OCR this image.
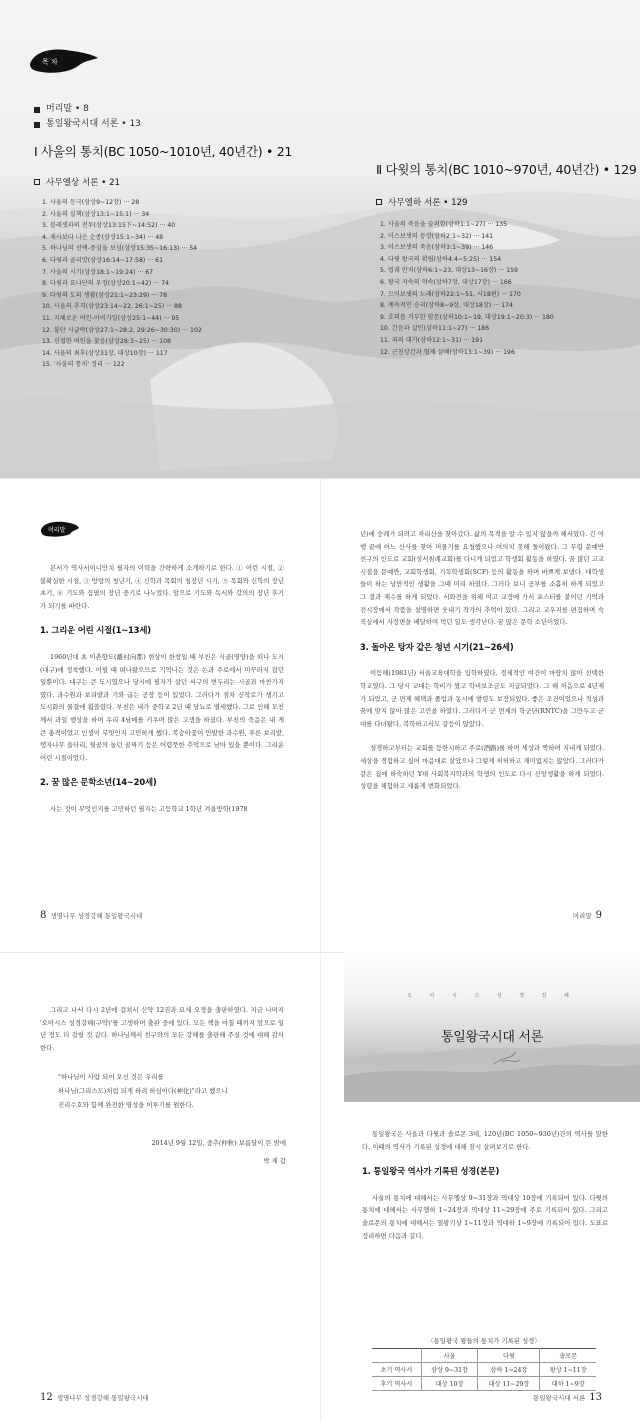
목 차
머리말 • 8
통일왕국시대 서론 • 13
Ⅰ 사울의 통치(BC 1050~1010년, 40년간) • 21
사무엘상 서론 • 21
1. 사울의 등극(삼상9~12장) ··· 28
2. 사울의 실책(삼상13:1~15:1) ··· 34
3. 블레셋과의 전투(삼상13:15下~14:52) ··· 40
4. 제사보다 나은 순종(삼상15:1~34) ··· 48
5. 하나님의 선택-중심을 보심(삼상15:35~16:13) ··· 54
6. 다윗과 골리앗(삼상16:14~17:58) ··· 61
7. 사울의 시기(삼상18:1~19:24) ··· 67
8. 다윗과 요나단의 우정(삼상20:1~42) ··· 74
9. 다윗의 도피 생활(삼상21:1~23:29) ··· 78
10. 사울의 추격(삼상23:14~22, 26:1~25) ··· 88
11. 지혜로운 여인-아비가일(삼상25:1~44) ··· 95
12. 불탄 시글락(삼상27:1~28:2, 29:26~30:30) ··· 102
13. 신접한 여인을 찾음(삼상28:3~25) ··· 108
14. 사울의 최후(삼상31장, 대상10장) ··· 117
15. '사울의 통치' 정리 ··· 122
Ⅱ 다윗의 통치(BC 1010~970년, 40년간) • 129
사무엘하 서론 • 129
1. 사울의 죽음을 슬퍼함(삼하1:1~27) ··· 135
2. 이스보셋의 등장(삼하2:1~32) ··· 141
3. 이스보셋의 죽음(삼하3:1~39) ··· 146
4. 다윗 왕국의 확립(삼하4:4~5:25) ··· 154
5. 법궤 안치(삼하6:1~23, 대상13~16장) ··· 159
6. 왕국 지속의 약속(삼하7장, 대상17장) ··· 166
7. 므비보셋의 노래(삼하22:1~51, 시18편) ··· 170
8. 계속적인 승리(삼하8~9장, 대상18장) ··· 174
9. 호의를 거부한 암몬(삼하10:1~19, 대상19:1~20:3) ··· 180
10. 간음과 살인(삼하11:1~27) ··· 186
11. 죄의 대가(삼하12:1~31) ··· 191
12. 근친상간과 형제 살해(삼하13:1~39) ··· 196
머리말

본서가 역사서이니만치 필자의 이력을 간략하게 소개하기로 한다. ① 어린 시절, ② 불확실한 시절, ③ 방랑의 청년기, ④ 신학과 목회의 청장년 시기, ⑤ 목회와 신학의 장년 초기, ⑥ 기도와 집필의 장년 중기로 나누었다. 앞으로 기도와 독서와 강의의 장년 후기가 되기를 바란다.

1. 그리운 어린 시절(1~13세)

1960년대 초 이촌향도(離村向都) 현상이 한창일 때 부친은 시골(영양)을 떠나 도시(대구)에 정착했다. 어릴 때 떠나왔으므로 기억나는 것은 논과 주로에서 미꾸라지 잡던 일뿐이다. 대구는 큰 도시였으나 당시에 필자가 살던 서구의 변두리는 시골과 마찬가지였다. 과수원과 보리밭과 기와 굽는 공장 등이 있었다. 그러다가 점차 신작로가 생기고 도시화의 물결에 휩쓸렸다. 부친은 내가 중학교 2년 때 당뇨로 별세했다. 그로 인해 모친께서 과일 행상을 하며 우리 4남매를 키우며 많은 고생을 하셨다. 부친의 죽음은 내 게 큰 충격이었고 인생이 무엇인지 고민하게 했다. 복숭아꽃이 만발한 과수원, 푸른 보리밭, 탱자나무 울타리, 뒷골의 놀던 골짜기 등은 어렴풋한 추억으로 남아 있을 뿐이다. 그리운 어린 시절이었다.

2. 꿈 많은 문학소년(14~20세)

사는 것이 무엇인지를 고민하던 필자는 고등학교 1학년 겨울방학(1978

8 생명나무 성경강해 통일왕국시대

년)에 숭례가 되려고 차리산을 찾아갔다. 삶의 목적을 알 수 있지 않을까 해서였다. 긴 여행 끝에 어느 산사를 찾아 머물기를 요청했으나 여의치 못해 돌아왔다. 그 무렵 문예반 친구의 인도로 교회(성서침례교회)를 다니게 되었고 학생회 활동을 하였다. 꿈 많던 고교 시절을 문예반, 교회학생회, 기독학생회(SCF) 등의 활동을 하며 바쁘게 보냈다. 대학생들이 하는 낭만적인 생활을 그때 미리 하였다. 그러다 보니 공부를 소홀히 하게 되었고 그 결과 재수를 하게 되었다. 서화전을 위해 여고 교정에 가서 포스터를 붙이던 기억과 전시장에서 작품을 설명하면 웃내기 작가의 추억이 있다. 그리고 교우지를 편집하며 숙직실에서 자장면을 배달하여 먹던 일도 생각난다. 꿈 많은 문학 소년이었다.

3. 돌아온 탕자 같은 청년 시기(21~26세)

이듬해(1981년) 서울교육대학을 입학하였다. 경제적인 여건이 마땅치 않아 선택한 학교였다. 그 당시 교대는 학비가 쌌고 학비보조금도 지급되었다. 그 해 처음으로 4년제가 되었고, 군 면제 혜택과 졸업과 동시에 발령도 보장되었다. 좋은 조건이었으나 적성과 꿈에 맞지 않아 많은 고민을 하였다. 그러다가 군 면제의 학군단(RNTC)을 그만두고 군대를 다녀왔다. 복학하고서도 갈등이 많았다.

성경하고부터는 교회를 등한시하고 주로(酒路)를 하며 세상과 짝하며 지내게 되었다. 세상을 경험하고 싶어 마음대로 살았으나 그렇게 허허하고 재미없지는 않았다. 그러다가 같은 집에 하숙하던 Y대 사회복지학과의 학생의 인도로 다시 신앙생활을 하게 되었다. 성령을 체험하고 새롭게 변화되었다.

머리말 9

그리고 나서 다시 2년에 걸쳐서 신약 12권과 묘세 오경을 출판하였다. 지금 나머지 '오아시스 성경강해(구약)'를 고생하며 출판 중에 있다. 모든 책을 마칠 때까지 앞으로 일 년 정도 더 걸릴 것 같다. 하나님께서 친구와의 모든 강해를 출판해 주실 것에 대해 감사한다.

"하나님이 사람 되어 오신 것은 우리를
하나님(그리스도)처럼 되게 하려 하심이다(神化)"라고 했으니
진리수호와 함께 완전한 영성을 이루기를 원한다.
2014년 9월 12일, 중추(仲秋) 보름달이 뜬 밤에
박 재 갑
12 생명나무 성경강해 통일왕국시대
오 아 시 스 성 경 강 해
통일왕국시대 서론

통일왕국은 사울과 다윗과 솔로몬 3대, 120년(BC 1050~930년)간의 역사를 말한다. 이때의 역사가 기록된 성경에 대해 잠시 살펴보기로 한다.

1. 통일왕국 역사가 기록된 성경(본문)

사울의 통치에 대해서는 사무엘상 9~31장과 역대상 10장에 기록되어 있다. 다윗의 통치에 대해서는 사무엘하 1~24장과 역대상 11~29장에 주로 기록되어 있다. 그리고 솔로몬의 통치에 대해서는 열왕기상 1~11장과 역대하 1~9장에 기록되어 있다. 도표로 정리하면 다음과 같다.

〈통일왕국 왕들의 통치가 기록된 성경〉
	사울	다윗	솔로몬
초기 역사서	삼상 9~31장	삼하 1~24장	왕상 1~11장
후기 역사서	대상 10장	대상 11~29장	대하 1~9장
통일왕국시대 서론 13
